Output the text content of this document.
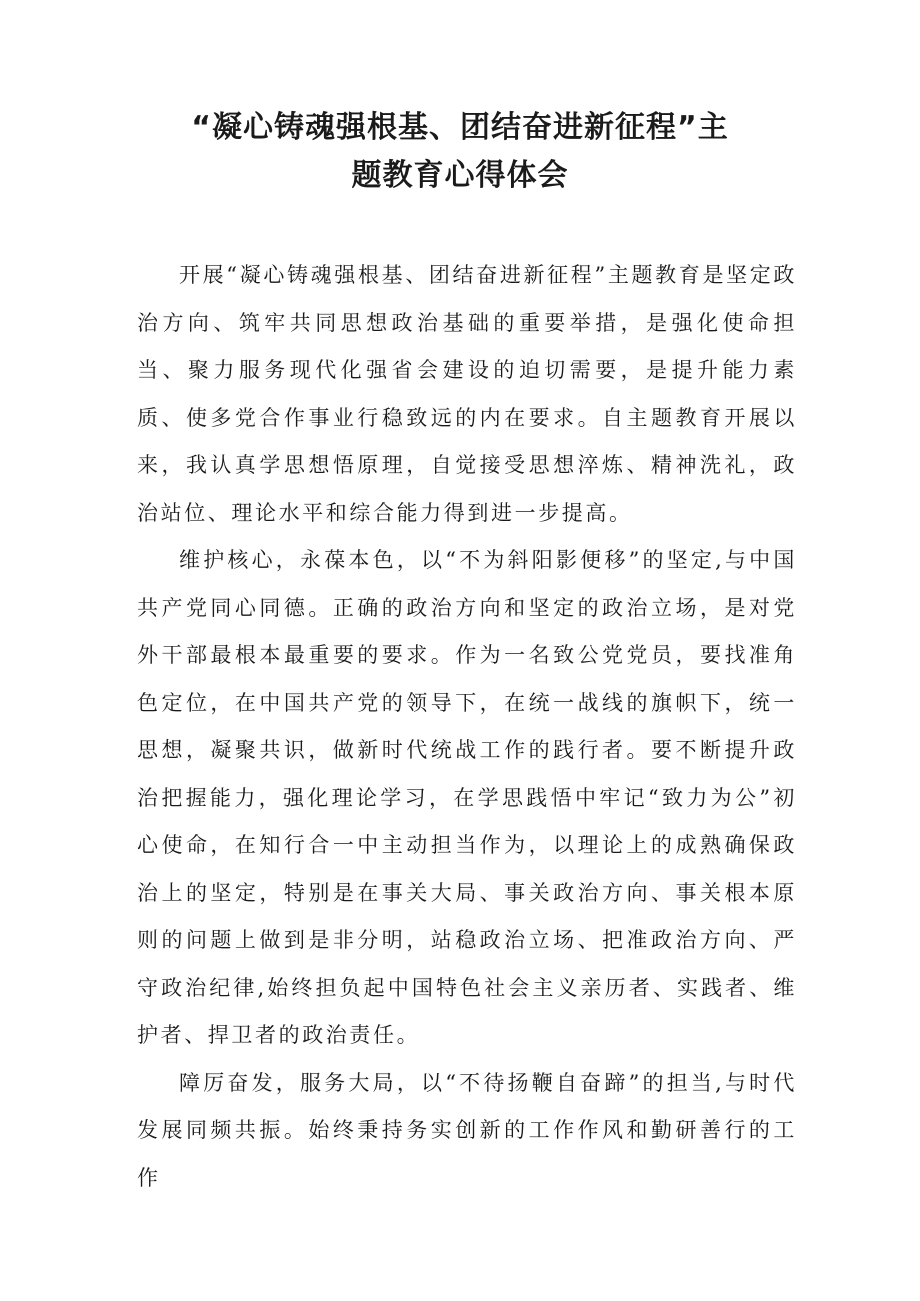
“凝心铸魂强根基、团结奋进新征程”主
题教育心得体会

开展“凝心铸魂强根基、团结奋进新征程”主题教育是坚定政治方向、筑牢共同思想政治基础的重要举措，是强化使命担当、聚力服务现代化强省会建设的迫切需要，是提升能力素质、使多党合作事业行稳致远的内在要求。自主题教育开展以来，我认真学思想悟原理，自觉接受思想淬炼、精神洗礼，政治站位、理论水平和综合能力得到进一步提高。

维护核心，永葆本色，以“不为斜阳影便移”的坚定,与中国共产党同心同德。正确的政治方向和坚定的政治立场，是对党外干部最根本最重要的要求。作为一名致公党党员，要找准角色定位，在中国共产党的领导下，在统一战线的旗帜下，统一思想，凝聚共识，做新时代统战工作的践行者。要不断提升政治把握能力，强化理论学习，在学思践悟中牢记“致力为公”初心使命，在知行合一中主动担当作为，以理论上的成熟确保政治上的坚定，特别是在事关大局、事关政治方向、事关根本原则的问题上做到是非分明，站稳政治立场、把准政治方向、严守政治纪律,始终担负起中国特色社会主义亲历者、实践者、维护者、捍卫者的政治责任。

障厉奋发，服务大局，以“不待扬鞭自奋蹄”的担当,与时代发展同频共振。始终秉持务实创新的工作作风和勤研善行的工作
